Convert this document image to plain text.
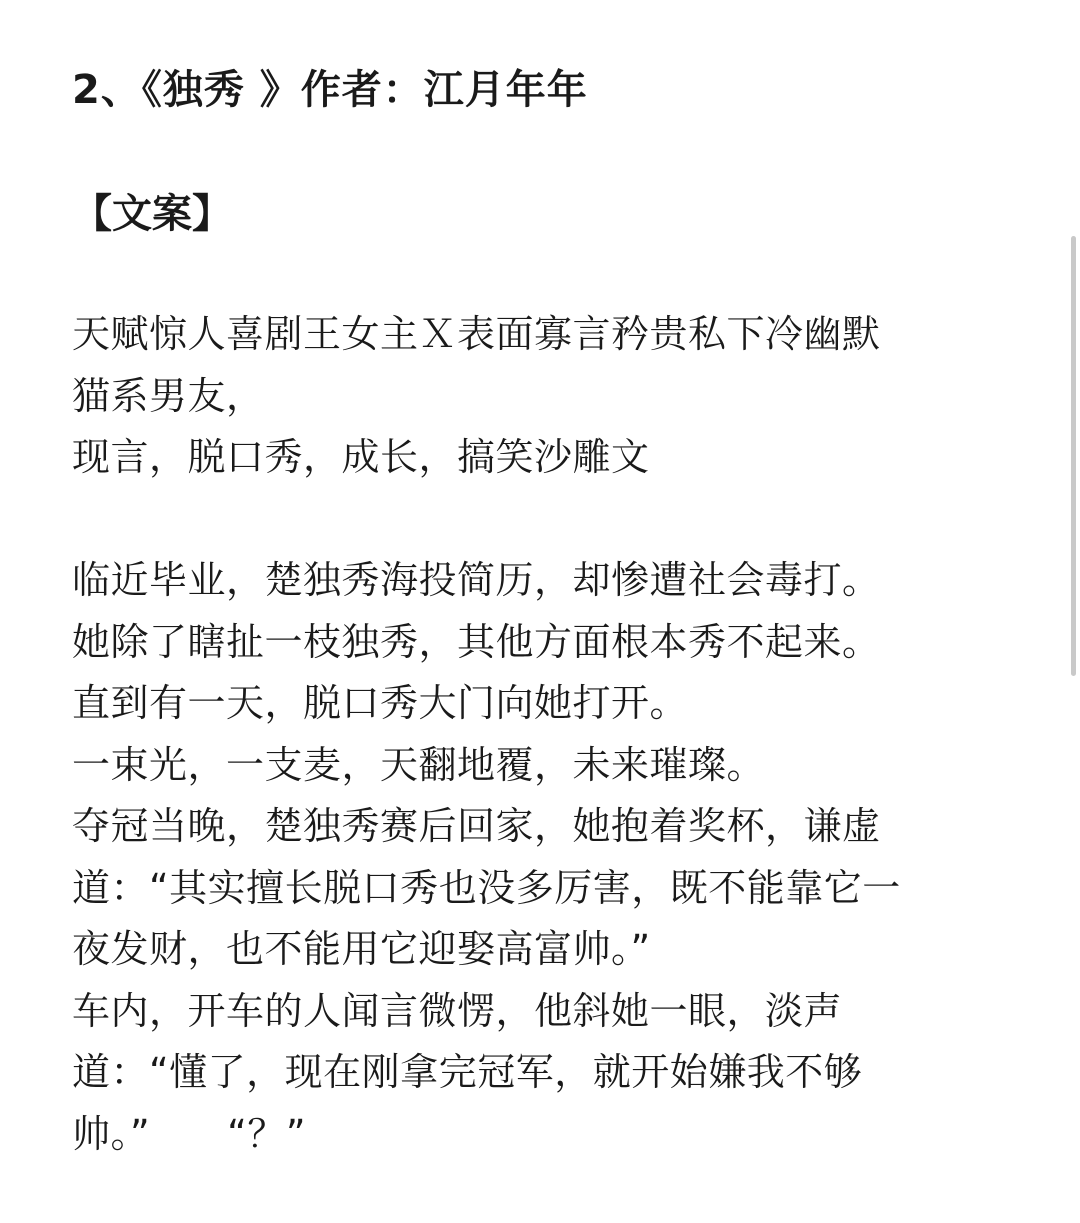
2、《独秀 》作者：江月年年
【文案】
天赋惊人喜剧王女主Ｘ表面寡言矜贵私下冷幽默
猫系男友，
现言，脱口秀，成长，搞笑沙雕文
临近毕业，楚独秀海投简历，却惨遭社会毒打。
她除了瞎扯一枝独秀，其他方面根本秀不起来。
直到有一天，脱口秀大门向她打开。
一束光，一支麦，天翻地覆，未来璀璨。
夺冠当晚，楚独秀赛后回家，她抱着奖杯，谦虚
道：“其实擅长脱口秀也没多厉害，既不能靠它一
夜发财，也不能用它迎娶高富帅。”
车内，开车的人闻言微愣，他斜她一眼，淡声
道：“懂了，现在刚拿完冠军，就开始嫌我不够
帅。”　　“？”
